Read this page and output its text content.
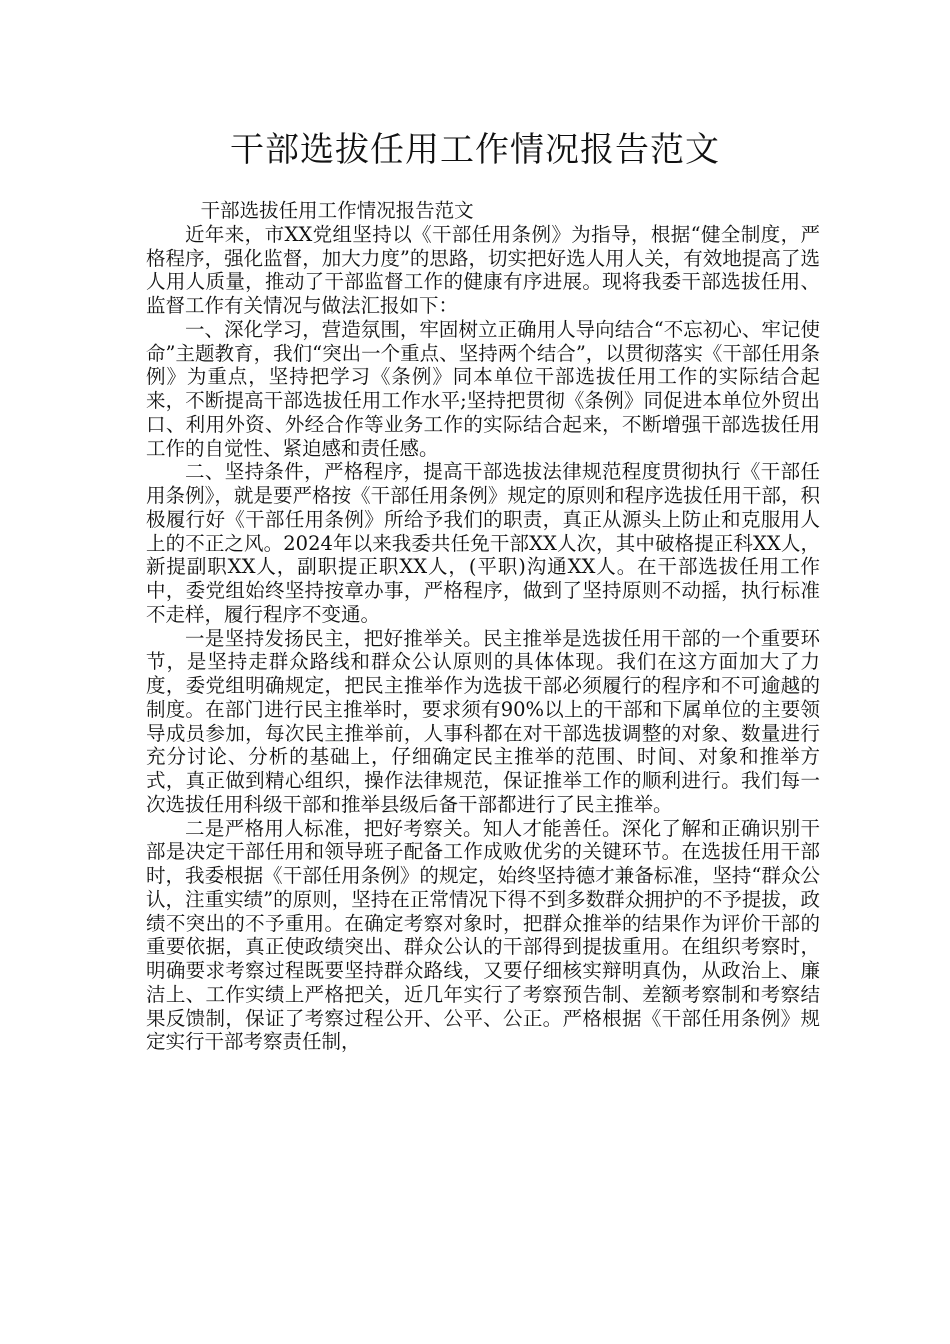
干部选拔任用工作情况报告范文

干部选拔任用工作情况报告范文

近年来，市XX党组坚持以《干部任用条例》为指导，根据“健全制度，严格程序，强化监督，加大力度”的思路，切实把好选人用人关，有效地提高了选人用人质量，推动了干部监督工作的健康有序进展。现将我委干部选拔任用、监督工作有关情况与做法汇报如下：

一、深化学习，营造氛围，牢固树立正确用人导向结合“不忘初心、牢记使命”主题教育，我们“突出一个重点、坚持两个结合”，以贯彻落实《干部任用条例》为重点，坚持把学习《条例》同本单位干部选拔任用工作的实际结合起来，不断提高干部选拔任用工作水平;坚持把贯彻《条例》同促进本单位外贸出口、利用外资、外经合作等业务工作的实际结合起来，不断增强干部选拔任用工作的自觉性、紧迫感和责任感。

二、坚持条件，严格程序，提高干部选拔法律规范程度贯彻执行《干部任用条例》，就是要严格按《干部任用条例》规定的原则和程序选拔任用干部，积极履行好《干部任用条例》所给予我们的职责，真正从源头上防止和克服用人上的不正之风。2024年以来我委共任免干部XX人次，其中破格提正科XX人，新提副职XX人，副职提正职XX人，(平职)沟通XX人。在干部选拔任用工作中，委党组始终坚持按章办事，严格程序，做到了坚持原则不动摇，执行标准不走样，履行程序不变通。

一是坚持发扬民主，把好推举关。民主推举是选拔任用干部的一个重要环节，是坚持走群众路线和群众公认原则的具体体现。我们在这方面加大了力度，委党组明确规定，把民主推举作为选拔干部必须履行的程序和不可逾越的制度。在部门进行民主推举时，要求须有90%以上的干部和下属单位的主要领导成员参加，每次民主推举前，人事科都在对干部选拔调整的对象、数量进行充分讨论、分析的基础上，仔细确定民主推举的范围、时间、对象和推举方式，真正做到精心组织，操作法律规范，保证推举工作的顺利进行。我们每一次选拔任用科级干部和推举县级后备干部都进行了民主推举。

二是严格用人标准，把好考察关。知人才能善任。深化了解和正确识别干部是决定干部任用和领导班子配备工作成败优劣的关键环节。在选拔任用干部时，我委根据《干部任用条例》的规定，始终坚持德才兼备标准，坚持“群众公认，注重实绩”的原则，坚持在正常情况下得不到多数群众拥护的不予提拔，政绩不突出的不予重用。在确定考察对象时，把群众推举的结果作为评价干部的重要依据，真正使政绩突出、群众公认的干部得到提拔重用。在组织考察时，明确要求考察过程既要坚持群众路线，又要仔细核实辩明真伪，从政治上、廉洁上、工作实绩上严格把关，近几年实行了考察预告制、差额考察制和考察结果反馈制，保证了考察过程公开、公平、公正。严格根据《干部任用条例》规定实行干部考察责任制，
